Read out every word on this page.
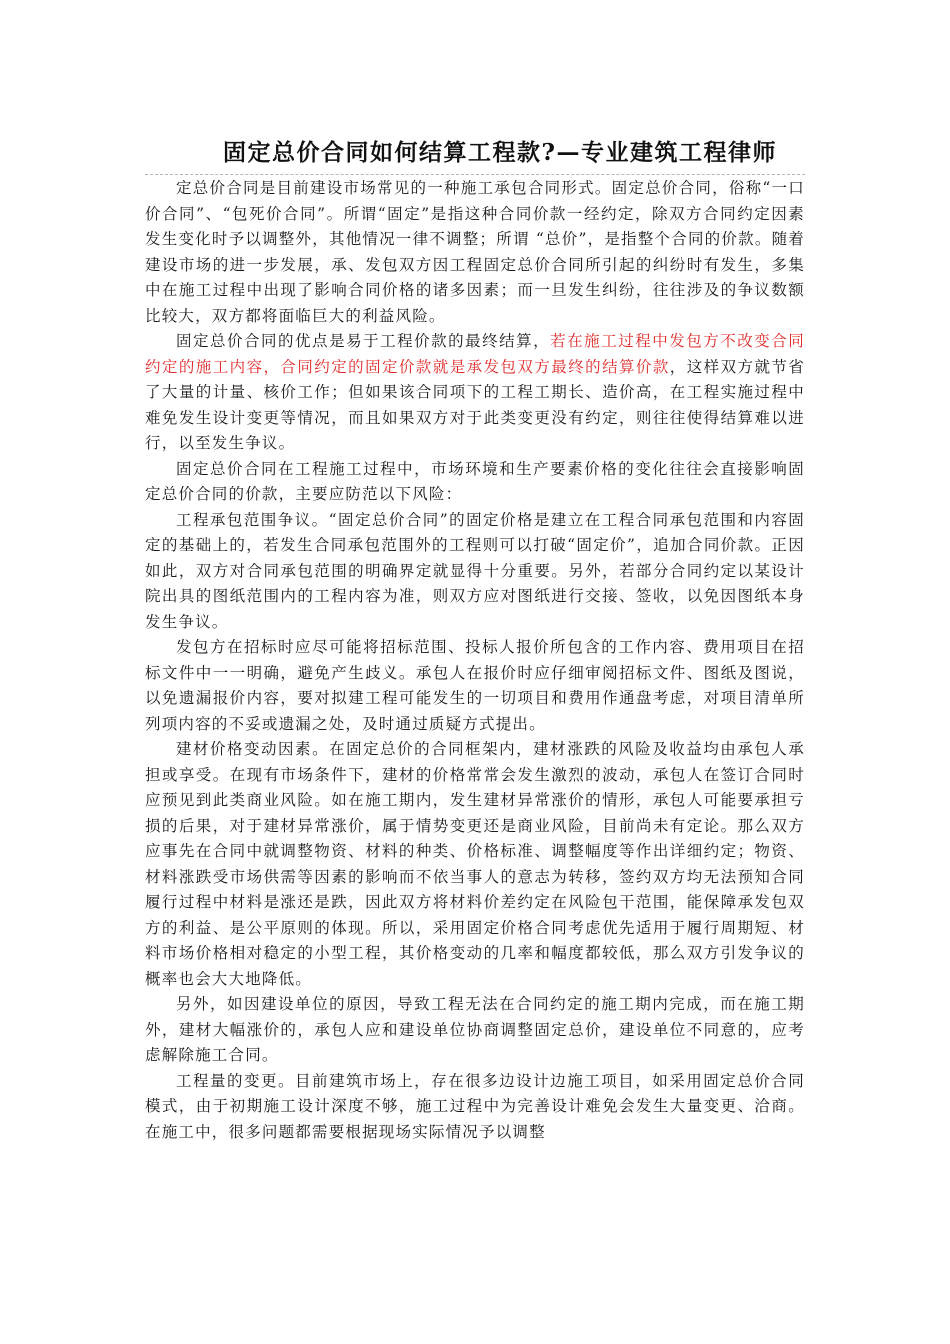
固定总价合同如何结算工程款?—专业建筑工程律师

定总价合同是目前建设市场常见的一种施工承包合同形式。固定总价合同，俗称“一口价合同”、“包死价合同”。所谓“固定”是指这种合同价款一经约定，除双方合同约定因素发生变化时予以调整外，其他情况一律不调整；所谓 “总价”，是指整个合同的价款。随着建设市场的进一步发展，承、发包双方因工程固定总价合同所引起的纠纷时有发生，多集中在施工过程中出现了影响合同价格的诸多因素；而一旦发生纠纷，往往涉及的争议数额比较大，双方都将面临巨大的利益风险。

固定总价合同的优点是易于工程价款的最终结算，若在施工过程中发包方不改变合同约定的施工内容，合同约定的固定价款就是承发包双方最终的结算价款，这样双方就节省了大量的计量、核价工作；但如果该合同项下的工程工期长、造价高，在工程实施过程中难免发生设计变更等情况，而且如果双方对于此类变更没有约定，则往往使得结算难以进行，以至发生争议。

固定总价合同在工程施工过程中，市场环境和生产要素价格的变化往往会直接影响固定总价合同的价款，主要应防范以下风险：

工程承包范围争议。“固定总价合同”的固定价格是建立在工程合同承包范围和内容固定的基础上的，若发生合同承包范围外的工程则可以打破“固定价”，追加合同价款。正因如此，双方对合同承包范围的明确界定就显得十分重要。另外，若部分合同约定以某设计院出具的图纸范围内的工程内容为准，则双方应对图纸进行交接、签收，以免因图纸本身发生争议。

发包方在招标时应尽可能将招标范围、投标人报价所包含的工作内容、费用项目在招标文件中一一明确，避免产生歧义。承包人在报价时应仔细审阅招标文件、图纸及图说，以免遗漏报价内容，要对拟建工程可能发生的一切项目和费用作通盘考虑，对项目清单所列项内容的不妥或遗漏之处，及时通过质疑方式提出。

建材价格变动因素。在固定总价的合同框架内，建材涨跌的风险及收益均由承包人承担或享受。在现有市场条件下，建材的价格常常会发生激烈的波动，承包人在签订合同时应预见到此类商业风险。如在施工期内，发生建材异常涨价的情形，承包人可能要承担亏损的后果，对于建材异常涨价，属于情势变更还是商业风险，目前尚未有定论。那么双方应事先在合同中就调整物资、材料的种类、价格标准、调整幅度等作出详细约定；物资、材料涨跌受市场供需等因素的影响而不依当事人的意志为转移，签约双方均无法预知合同履行过程中材料是涨还是跌，因此双方将材料价差约定在风险包干范围，能保障承发包双方的利益、是公平原则的体现。所以，采用固定价格合同考虑优先适用于履行周期短、材料市场价格相对稳定的小型工程，其价格变动的几率和幅度都较低，那么双方引发争议的概率也会大大地降低。

另外，如因建设单位的原因，导致工程无法在合同约定的施工期内完成，而在施工期外，建材大幅涨价的，承包人应和建设单位协商调整固定总价，建设单位不同意的，应考虑解除施工合同。

工程量的变更。目前建筑市场上，存在很多边设计边施工项目，如采用固定总价合同模式，由于初期施工设计深度不够，施工过程中为完善设计难免会发生大量变更、洽商。在施工中，很多问题都需要根据现场实际情况予以调整
